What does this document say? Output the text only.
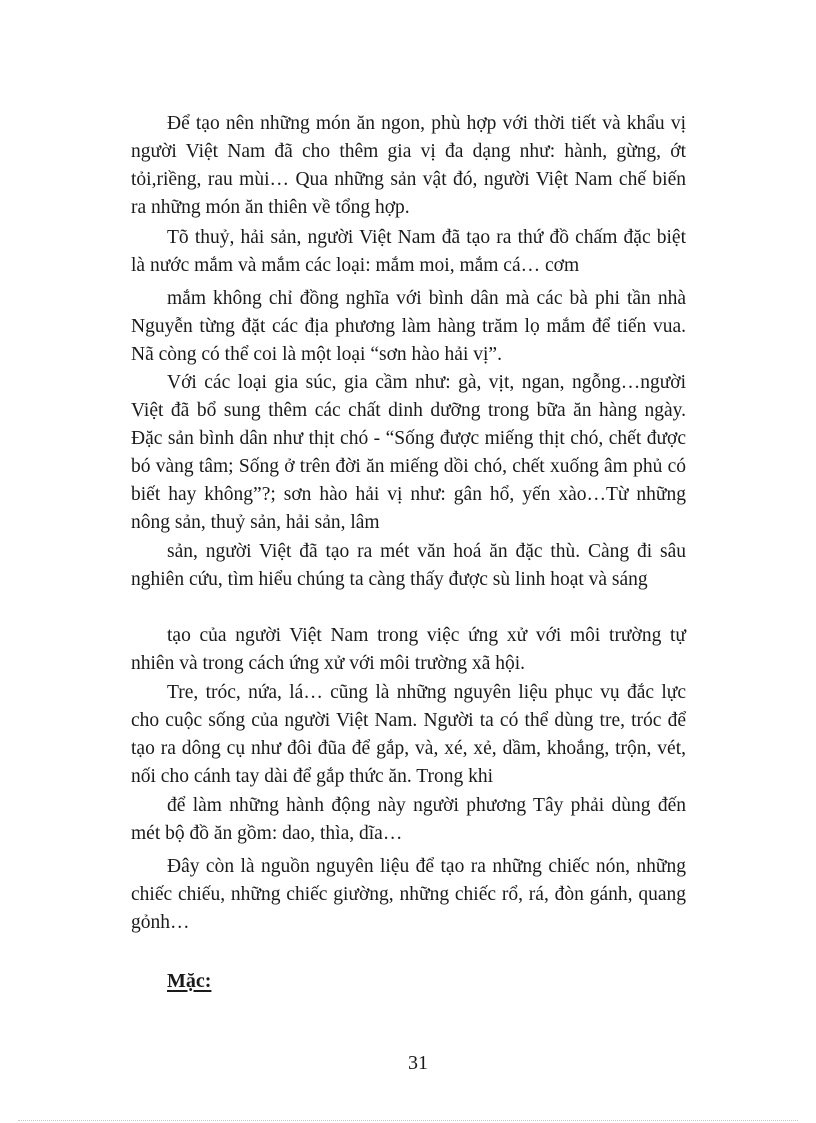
Để tạo nên những món ăn ngon, phù hợp với thời tiết và khẩu vị người Việt Nam đã cho thêm gia vị đa dạng như: hành, gừng, ớt tỏi,riềng, rau mùi… Qua những sản vật đó, người Việt Nam chế biến ra những món ăn thiên về tổng hợp.

Tõ thuỷ, hải sản, người Việt Nam đã tạo ra thứ đồ chấm đặc biệt là nước mắm và mắm các loại: mắm moi, mắm cá… cơm

mắm không chỉ đồng nghĩa với bình dân mà các bà phi tần nhà Nguyễn từng đặt các địa phương làm hàng trăm lọ mắm để tiến vua. Nã còng có thể coi là một loại “sơn hào hải vị”.

Với các loại gia súc, gia cầm như: gà, vịt, ngan, ngỗng…người Việt đã bổ sung thêm các chất dinh dưỡng trong bữa ăn hàng ngày. Đặc sản bình dân như thịt chó - “Sống được miếng thịt chó, chết được bó vàng tâm; Sống ở trên đời ăn miếng dồi chó, chết xuống âm phủ có biết hay không”?; sơn hào hải vị như: gân hổ, yến xào…Từ những nông sản, thuỷ sản, hải sản, lâm

sản, người Việt đã tạo ra mét văn hoá ăn đặc thù. Càng đi sâu nghiên cứu, tìm hiểu chúng ta càng thấy được sù linh hoạt và sáng

tạo của người Việt Nam trong việc ứng xử với môi trường tự nhiên và trong cách ứng xử với môi trường xã hội.

Tre, tróc, nứa, lá… cũng là những nguyên liệu phục vụ đắc lực cho cuộc sống của người Việt Nam. Người ta có thể dùng tre, tróc để tạo ra dông cụ như đôi đũa để gắp, và, xé, xẻ, dầm, khoắng, trộn, vét, nối cho cánh tay dài để gắp thức ăn. Trong khi

để làm những hành động này người phương Tây phải dùng đến mét bộ đồ ăn gồm: dao, thìa, dĩa…

Đây còn là nguồn nguyên liệu để tạo ra những chiếc nón, những chiếc chiếu, những chiếc giường, những chiếc rổ, rá, đòn gánh, quang gỏnh…

Mặc:
31
